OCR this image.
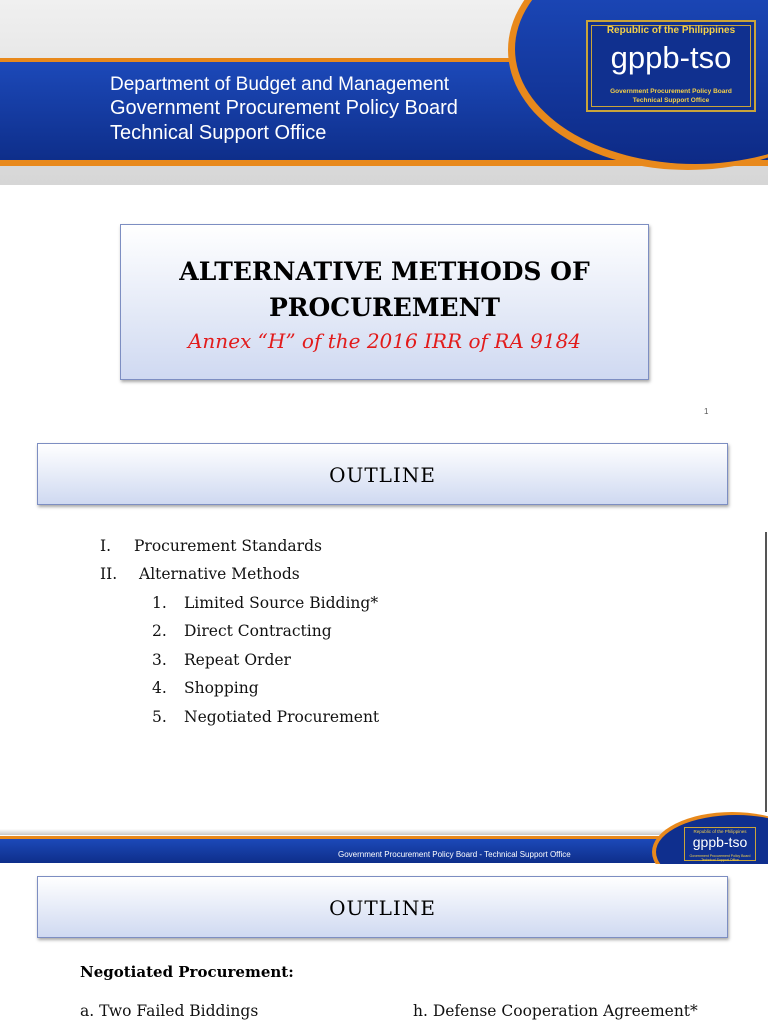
Department of Budget and Management
Government Procurement Policy Board
Technical Support Office
Republic of the Philippines
gppb-tso
Government Procurement Policy Board
Technical Support Office
ALTERNATIVE METHODS OF
PROCUREMENT
Annex “H” of the 2016 IRR of RA 9184
1
OUTLINE
I. Procurement Standards
II. Alternative Methods
1. Limited Source Bidding*
2. Direct Contracting
3. Repeat Order
4. Shopping
5. Negotiated Procurement
Government Procurement Policy Board - Technical Support Office
Republic of the Philippines
gppb-tso
Government Procurement Policy Board Technical Support Office
OUTLINE
Negotiated Procurement:
a. Two Failed Biddings	h. Defense Cooperation Agreement*
